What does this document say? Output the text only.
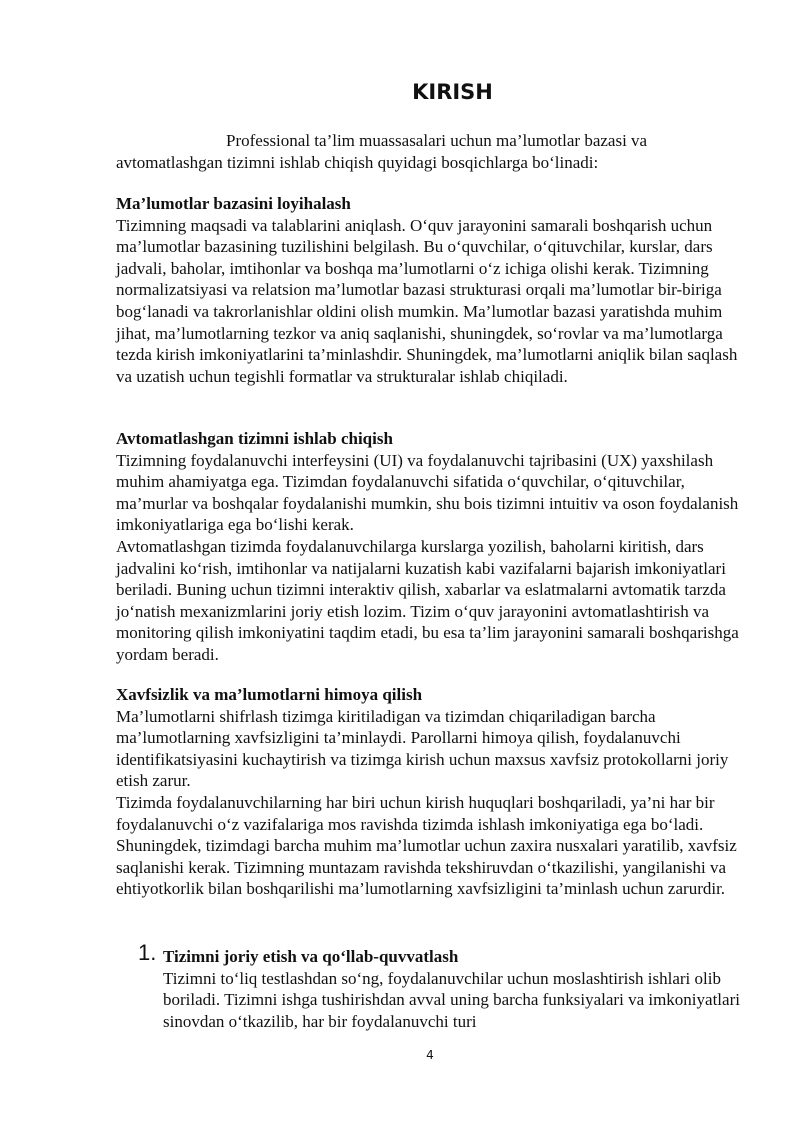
KIRISH
Professional ta’lim muassasalari uchun ma’lumotlar bazasi va avtomatlashgan tizimni ishlab chiqish quyidagi bosqichlarga bo‘linadi:

Ma’lumotlar bazasini loyihalash

Tizimning maqsadi va talablarini aniqlash. O‘quv jarayonini samarali boshqarish uchun ma’lumotlar bazasining tuzilishini belgilash. Bu o‘quvchilar, o‘qituvchilar, kurslar, dars jadvali, baholar, imtihonlar va boshqa ma’lumotlarni o‘z ichiga olishi kerak. Tizimning normalizatsiyasi va relatsion ma’lumotlar bazasi strukturasi orqali ma’lumotlar bir-biriga bog‘lanadi va takrorlanishlar oldini olish mumkin. Ma’lumotlar bazasi yaratishda muhim jihat, ma’lumotlarning tezkor va aniq saqlanishi, shuningdek, so‘rovlar va ma’lumotlarga tezda kirish imkoniyatlarini ta’minlashdir. Shuningdek, ma’lumotlarni aniqlik bilan saqlash va uzatish uchun tegishli formatlar va strukturalar ishlab chiqiladi.

Avtomatlashgan tizimni ishlab chiqish

Tizimning foydalanuvchi interfeysini (UI) va foydalanuvchi tajribasini (UX) yaxshilash muhim ahamiyatga ega. Tizimdan foydalanuvchi sifatida o‘quvchilar, o‘qituvchilar, ma’murlar va boshqalar foydalanishi mumkin, shu bois tizimni intuitiv va oson foydalanish imkoniyatlariga ega bo‘lishi kerak.

Avtomatlashgan tizimda foydalanuvchilarga kurslarga yozilish, baholarni kiritish, dars jadvalini ko‘rish, imtihonlar va natijalarni kuzatish kabi vazifalarni bajarish imkoniyatlari beriladi. Buning uchun tizimni interaktiv qilish, xabarlar va eslatmalarni avtomatik tarzda jo‘natish mexanizmlarini joriy etish lozim. Tizim o‘quv jarayonini avtomatlashtirish va monitoring qilish imkoniyatini taqdim etadi, bu esa ta’lim jarayonini samarali boshqarishga yordam beradi.

Xavfsizlik va ma’lumotlarni himoya qilish

Ma’lumotlarni shifrlash tizimga kiritiladigan va tizimdan chiqariladigan barcha ma’lumotlarning xavfsizligini ta’minlaydi. Parollarni himoya qilish, foydalanuvchi identifikatsiyasini kuchaytirish va tizimga kirish uchun maxsus xavfsiz protokollarni joriy etish zarur.

Tizimda foydalanuvchilarning har biri uchun kirish huquqlari boshqariladi, ya’ni har bir foydalanuvchi o‘z vazifalariga mos ravishda tizimda ishlash imkoniyatiga ega bo‘ladi. Shuningdek, tizimdagi barcha muhim ma’lumotlar uchun zaxira nusxalari yaratilib, xavfsiz saqlanishi kerak. Tizimning muntazam ravishda tekshiruvdan o‘tkazilishi, yangilanishi va ehtiyotkorlik bilan boshqarilishi ma’lumotlarning xavfsizligini ta’minlash uchun zarurdir.

1. Tizimni joriy etish va qo‘llab-quvvatlash

Tizimni to‘liq testlashdan so‘ng, foydalanuvchilar uchun moslashtirish ishlari olib boriladi. Tizimni ishga tushirishdan avval uning barcha funksiyalari va imkoniyatlari sinovdan o‘tkazilib, har bir foydalanuvchi turi

4
